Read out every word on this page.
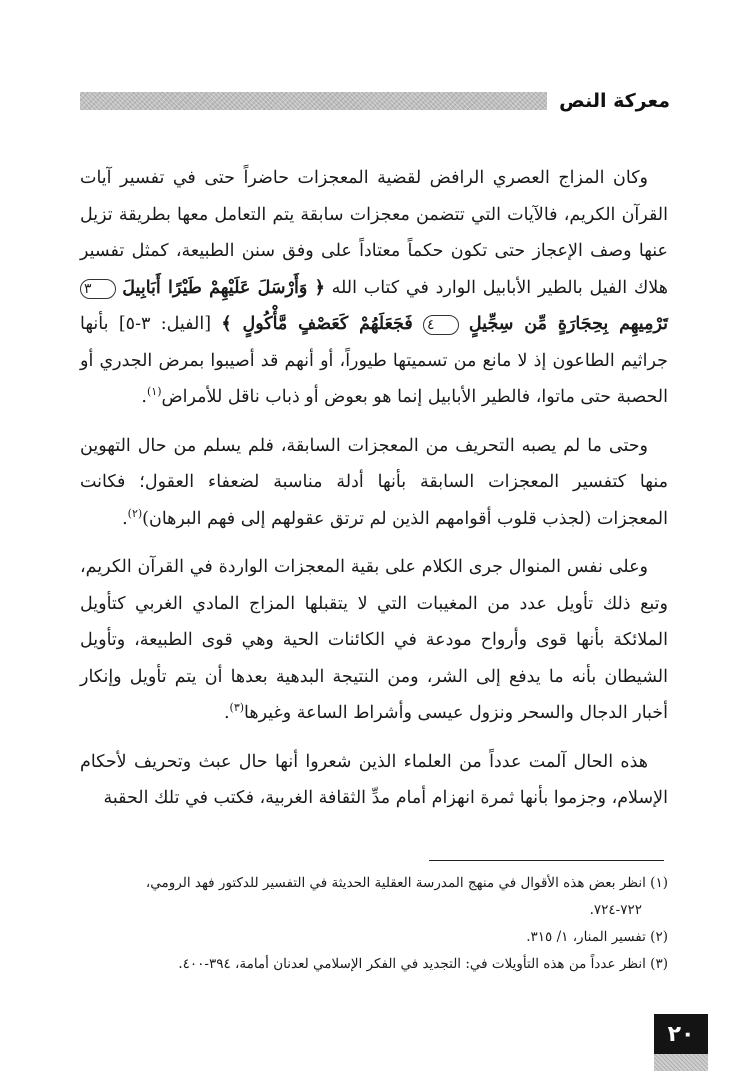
معركة النص

وكان المزاج العصري الرافض لقضية المعجزات حاضراً حتى في تفسير آيات القرآن الكريم، فالآيات التي تتضمن معجزات سابقة يتم التعامل معها بطريقة تزيل عنها وصف الإعجاز حتى تكون حكماً معتاداً على وفق سنن الطبيعة، كمثل تفسير هلاك الفيل بالطير الأبابيل الوارد في كتاب الله ﴿ وَأَرْسَلَ عَلَيْهِمْ طَيْرًا أَبَابِيلَ ٣ تَرْمِيهِم بِحِجَارَةٍ مِّن سِجِّيلٍ ٤ فَجَعَلَهُمْ كَعَصْفٍ مَّأْكُولٍ ﴾ [الفيل: ٣-٥] بأنها جراثيم الطاعون إذ لا مانع من تسميتها طيوراً، أو أنهم قد أصيبوا بمرض الجدري أو الحصبة حتى ماتوا، فالطير الأبابيل إنما هو بعوض أو ذباب ناقل للأمراض$^{(١)}$.

وحتى ما لم يصبه التحريف من المعجزات السابقة، فلم يسلم من حال التهوين منها كتفسير المعجزات السابقة بأنها أدلة مناسبة لضعفاء العقول؛ فكانت المعجزات (لجذب قلوب أقوامهم الذين لم ترتق عقولهم إلى فهم البرهان)$^{(٢)}$.

وعلى نفس المنوال جرى الكلام على بقية المعجزات الواردة في القرآن الكريم، وتبع ذلك تأويل عدد من المغيبات التي لا يتقبلها المزاج المادي الغربي كتأويل الملائكة بأنها قوى وأرواح مودعة في الكائنات الحية وهي قوى الطبيعة، وتأويل الشيطان بأنه ما يدفع إلى الشر، ومن النتيجة البدهية بعدها أن يتم تأويل وإنكار أخبار الدجال والسحر ونزول عيسى وأشراط الساعة وغيرها$^{(٣)}$.

هذه الحال آلمت عدداً من العلماء الذين شعروا أنها حال عبث وتحريف لأحكام الإسلام، وجزموا بأنها ثمرة انهزام أمام مدِّ الثقافة الغربية، فكتب في تلك الحقبة

(١) انظر بعض هذه الأقوال في منهج المدرسة العقلية الحديثة في التفسير للدكتور فهد الرومي،

٧٢٢-٧٢٤.

(٢) تفسير المنار، ١/ ٣١٥.

(٣) انظر عدداً من هذه التأويلات في: التجديد في الفكر الإسلامي لعدنان أمامة، ٣٩٤-٤٠٠.

٢٠
